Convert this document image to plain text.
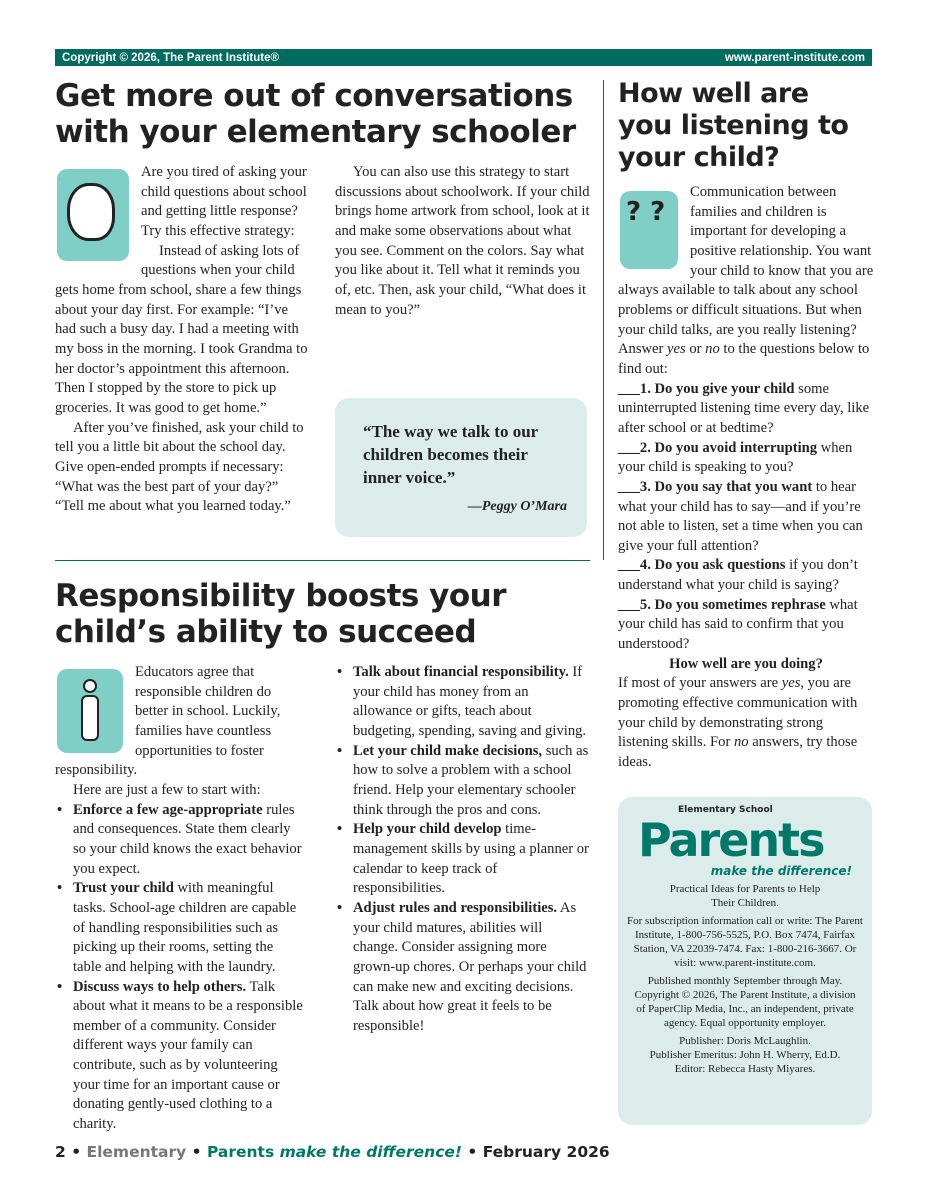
Copyright © 2026, The Parent Institute®	www.parent-institute.com
Get more out of conversations with your elementary schooler

Are you tired of asking your child questions about school and getting little response? Try this effective strategy:

Instead of asking lots of questions when your child gets home from school, share a few things about your day first. For example: “I’ve had such a busy day. I had a meeting with my boss in the morning. I took Grandma to her doctor’s appointment this afternoon. Then I stopped by the store to pick up groceries. It was good to get home.”

After you’ve finished, ask your child to tell you a little bit about the school day. Give open-ended prompts if necessary: “What was the best part of your day?” “Tell me about what you learned today.”

You can also use this strategy to start discussions about schoolwork. If your child brings home artwork from school, look at it and make some observations about what you see. Comment on the colors. Say what you like about it. Tell what it reminds you of, etc. Then, ask your child, “What does it mean to you?”

“The way we talk to our children becomes their inner voice.”
—Peggy O’Mara
Responsibility boosts your child’s ability to succeed

Educators agree that responsible children do better in school. Luckily, families have countless opportunities to foster responsibility.

Here are just a few to start with:

• Enforce a few age-appropriate rules and consequences. State them clearly so your child knows the exact behavior you expect.
• Trust your child with meaningful tasks. School-age children are capable of handling responsibilities such as picking up their rooms, setting the table and helping with the laundry.
• Discuss ways to help others. Talk about what it means to be a responsible member of a community. Consider different ways your family can contribute, such as by volunteering your time for an important cause or donating gently-used clothing to a charity.
• Talk about financial responsibility. If your child has money from an allowance or gifts, teach about budgeting, spending, saving and giving.
• Let your child make decisions, such as how to solve a problem with a school friend. Help your elementary schooler think through the pros and cons.
• Help your child develop time-management skills by using a planner or calendar to keep track of responsibilities.
• Adjust rules and responsibilities. As your child matures, abilities will change. Consider assigning more grown-up chores. Or perhaps your child can make new and exciting decisions. Talk about how great it feels to be responsible!
How well are you listening to your child?
? ?

Communication between families and children is important for developing a positive relationship. You want your child to know that you are always available to talk about any school problems or difficult situations. But when your child talks, are you really listening? Answer yes or no to the questions below to find out:

___1. Do you give your child some uninterrupted listening time every day, like after school or at bedtime?

___2. Do you avoid interrupting when your child is speaking to you?

___3. Do you say that you want to hear what your child has to say—and if you’re not able to listen, set a time when you can give your full attention?

___4. Do you ask questions if you don’t understand what your child is saying?

___5. Do you sometimes rephrase what your child has said to confirm that you understood?

How well are you doing?

If most of your answers are yes, you are promoting effective communication with your child by demonstrating strong listening skills. For no answers, try those ideas.

Elementary School
Parents
make the difference!

Practical Ideas for Parents to Help Their Children.

For subscription information call or write: The Parent Institute, 1-800-756-5525, P.O. Box 7474, Fairfax Station, VA 22039-7474. Fax: 1-800-216-3667. Or visit: www.parent-institute.com.

Published monthly September through May. Copyright © 2026, The Parent Institute, a division of PaperClip Media, Inc., an independent, private agency. Equal opportunity employer.

Publisher: Doris McLaughlin.
Publisher Emeritus: John H. Wherry, Ed.D.
Editor: Rebecca Hasty Miyares.

2 • Elementary • Parents make the difference! • February 2026
